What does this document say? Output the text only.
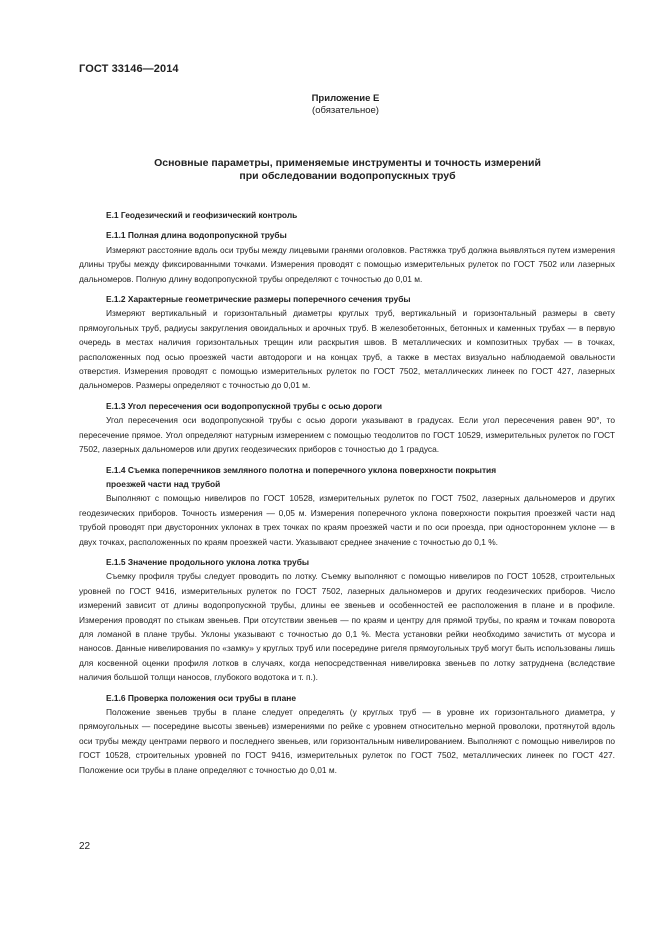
ГОСТ 33146—2014
Приложение Е
(обязательное)
Основные параметры, применяемые инструменты и точность измерений
при обследовании водопропускных труб
Е.1 Геодезический и геофизический контроль
Е.1.1 Полная длина водопропускной трубы
Измеряют расстояние вдоль оси трубы между лицевыми гранями оголовков. Растяжка труб должна выявляться путем измерения длины трубы между фиксированными точками. Измерения проводят с помощью измерительных рулеток по ГОСТ 7502 или лазерных дальномеров. Полную длину водопропускной трубы определяют с точностью до 0,01 м.
Е.1.2 Характерные геометрические размеры поперечного сечения трубы
Измеряют вертикальный и горизонтальный диаметры круглых труб, вертикальный и горизонтальный размеры в свету прямоугольных труб, радиусы закругления овоидальных и арочных труб. В железобетонных, бетонных и каменных трубах — в первую очередь в местах наличия горизонтальных трещин или раскрытия швов. В металлических и композитных трубах — в точках, расположенных под осью проезжей части автодороги и на концах труб, а также в местах визуально наблюдаемой овальности отверстия. Измерения проводят с помощью измерительных рулеток по ГОСТ 7502, металлических линеек по ГОСТ 427, лазерных дальномеров. Размеры определяют с точностью до 0,01 м.
Е.1.3 Угол пересечения оси водопропускной трубы с осью дороги
Угол пересечения оси водопропускной трубы с осью дороги указывают в градусах. Если угол пересечения равен 90°, то пересечение прямое. Угол определяют натурным измерением с помощью теодолитов по ГОСТ 10529, измерительных рулеток по ГОСТ 7502, лазерных дальномеров или других геодезических приборов с точностью до 1 градуса.
Е.1.4 Съемка поперечников земляного полотна и поперечного уклона поверхности покрытия
проезжей части над трубой
Выполняют с помощью нивелиров по ГОСТ 10528, измерительных рулеток по ГОСТ 7502, лазерных дальномеров и других геодезических приборов. Точность измерения — 0,05 м. Измерения поперечного уклона поверхности покрытия проезжей части над трубой проводят при двусторонних уклонах в трех точках по краям проезжей части и по оси проезда, при одностороннем уклоне — в двух точках, расположенных по краям проезжей части. Указывают среднее значение с точностью до 0,1 %.
Е.1.5 Значение продольного уклона лотка трубы
Съемку профиля трубы следует проводить по лотку. Съемку выполняют с помощью нивелиров по ГОСТ 10528, строительных уровней по ГОСТ 9416, измерительных рулеток по ГОСТ 7502, лазерных дальномеров и других геодезических приборов. Число измерений зависит от длины водопропускной трубы, длины ее звеньев и особенностей ее расположения в плане и в профиле. Измерения проводят по стыкам звеньев. При отсутствии звеньев — по краям и центру для прямой трубы, по краям и точкам поворота для ломаной в плане трубы. Уклоны указывают с точностью до 0,1 %. Места установки рейки необходимо зачистить от мусора и наносов. Данные нивелирования по «замку» у круглых труб или посередине ригеля прямоугольных труб могут быть использованы лишь для косвенной оценки профиля лотков в случаях, когда непосредственная нивелировка звеньев по лотку затруднена (вследствие наличия большой толщи наносов, глубокого водотока и т. п.).
Е.1.6 Проверка положения оси трубы в плане
Положение звеньев трубы в плане следует определять (у круглых труб — в уровне их горизонтального диаметра, у прямоугольных — посередине высоты звеньев) измерениями по рейке с уровнем относительно мерной проволоки, протянутой вдоль оси трубы между центрами первого и последнего звеньев, или горизонтальным нивелированием. Выполняют с помощью нивелиров по ГОСТ 10528, строительных уровней по ГОСТ 9416, измерительных рулеток по ГОСТ 7502, металлических линеек по ГОСТ 427. Положение оси трубы в плане определяют с точностью до 0,01 м.
22
